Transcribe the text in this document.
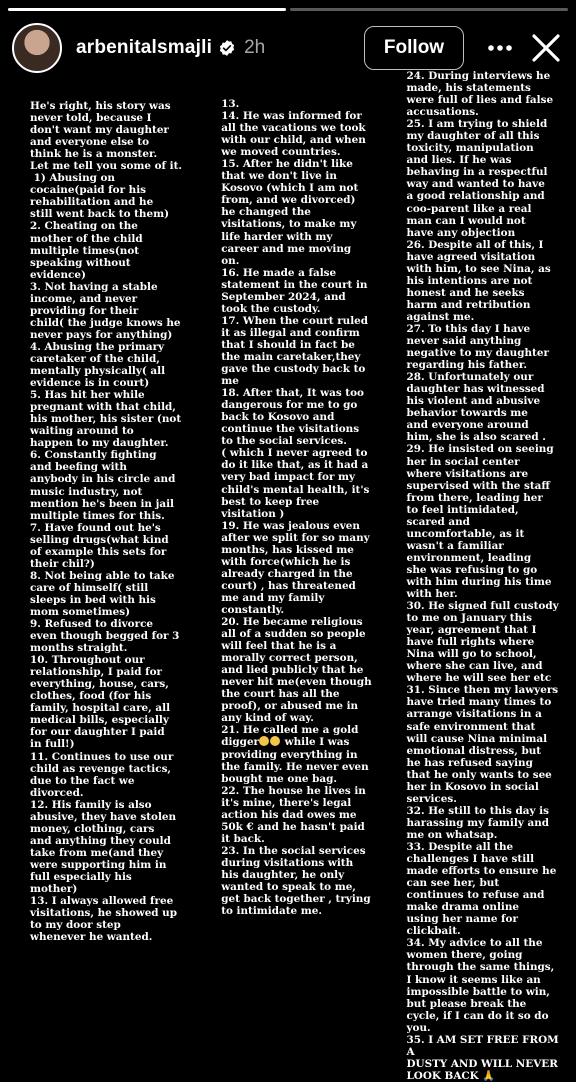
arbenitalsmajli 2h	Follow
He's right, his story was
never told, because I
don't want my daughter
and everyone else to
think he is a monster.
Let me tell you some of it.
1) Abusing on
cocaine(paid for his
rehabilitation and he
still went back to them)
2. Cheating on the
mother of the child
multiple times(not
speaking without
evidence)
3. Not having a stable
income, and never
providing for their
child( the judge knows he
never pays for anything)
4. Abusing the primary
caretaker of the child,
mentally physically( all
evidence is in court)
5. Has hit her while
pregnant with that child,
his mother, his sister (not
waiting around to
happen to my daughter.
6. Constantly fighting
and beefing with
anybody in his circle and
music industry, not
mention he's been in jail
multiple times for this.
7. Have found out he's
selling drugs(what kind
of example this sets for
their chil?)
8. Not being able to take
care of himself( still
sleeps in bed with his
mom sometimes)
9. Refused to divorce
even though begged for 3
months straight.
10. Throughout our
relationship, I paid for
everything, house, cars,
clothes, food (for his
family, hospital care, all
medical bills, especially
for our daughter I paid
in full!)
11. Continues to use our
child as revenge tactics,
due to the fact we
divorced.
12. His family is also
abusive, they have stolen
money, clothing, cars
and anything they could
take from me(and they
were supporting him in
full especially his
mother)
13. I always allowed free
visitations, he showed up
to my door step
whenever he wanted.
13.
14. He was informed for
all the vacations we took
with our child, and when
we moved countries.
15. After he didn't like
that we don't live in
Kosovo (which I am not
from, and we divorced)
he changed the
visitations, to make my
life harder with my
career and me moving
on.
16. He made a false
statement in the court in
September 2024, and
took the custody.
17. When the court ruled
it as illegal and confirm
that I should in fact be
the main caretaker,they
gave the custody back to
me
18. After that, It was too
dangerous for me to go
back to Kosovo and
continue the visitations
to the social services.
( which I never agreed to
do it like that, as it had a
very bad impact for my
child's mental health, it's
best to keep free
visitation )
19. He was jealous even
after we split for so many
months, has kissed me
with force(which he is
already charged in the
court) , has threatened
me and my family
constantly.
20. He became religious
all of a sudden so people
will feel that he is a
morally correct person,
and lied publicly that he
never hit me(even though
the court has all the
proof), or abused me in
any kind of way.
21. He called me a gold
digger while I was
providing everything in
the family. He never even
bought me one bag.
22. The house he lives in
it's mine, there's legal
action his dad owes me
50k € and he hasn't paid
it back.
23. In the social services
during visitations with
his daughter, he only
wanted to speak to me,
get back together , trying
to intimidate me.
24. During interviews he
made, his statements
were full of lies and false
accusations.
25. I am trying to shield
my daughter of all this
toxicity, manipulation
and lies. If he was
behaving in a respectful
way and wanted to have
a good relationship and
coo-parent like a real
man can I would not
have any objection
26. Despite all of this, I
have agreed visitation
with him, to see Nina, as
his intentions are not
honest and he seeks
harm and retribution
against me.
27. To this day I have
never said anything
negative to my daughter
regarding his father.
28. Unfortunately our
daughter has witnessed
his violent and abusive
behavior towards me
and everyone around
him, she is also scared .
29. He insisted on seeing
her in social center
where visitations are
supervised with the staff
from there, leading her
to feel intimidated,
scared and
uncomfortable, as it
wasn't a familiar
environment, leading
she was refusing to go
with him during his time
with her.
30. He signed full custody
to me on January this
year, agreement that I
have full rights where
Nina will go to school,
where she can live, and
where he will see her etc
31. Since then my lawyers
have tried many times to
arrange visitations in a
safe environment that
will cause Nina minimal
emotional distress, but
he has refused saying
that he only wants to see
her in Kosovo in social
services.
32. He still to this day is
harassing my family and
me on whatsap.
33. Despite all the
challenges I have still
made efforts to ensure he
can see her, but
continues to refuse and
make drama online
using her name for
clickbait.
34. My advice to all the
women there, going
through the same things,
I know it seems like an
impossible battle to win,
but please break the
cycle, if I can do it so do
you.
35. I AM SET FREE FROM A
DUSTY AND WILL NEVER
LOOK BACK 🙏
